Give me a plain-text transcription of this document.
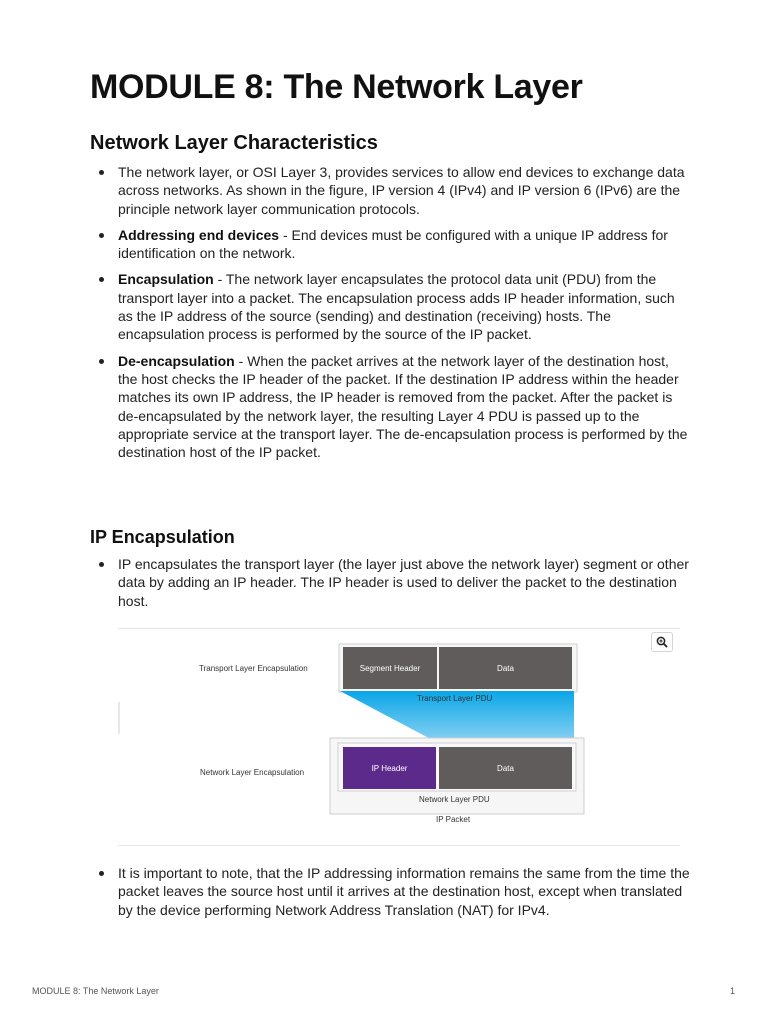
MODULE 8: The Network Layer
Network Layer Characteristics
The network layer, or OSI Layer 3, provides services to allow end devices to exchange data across networks. As shown in the figure, IP version 4 (IPv4) and IP version 6 (IPv6) are the principle network layer communication protocols.
Addressing end devices - End devices must be configured with a unique IP address for identification on the network.
Encapsulation - The network layer encapsulates the protocol data unit (PDU) from the transport layer into a packet. The encapsulation process adds IP header information, such as the IP address of the source (sending) and destination (receiving) hosts. The encapsulation process is performed by the source of the IP packet.
De-encapsulation - When the packet arrives at the network layer of the destination host, the host checks the IP header of the packet. If the destination IP address within the header matches its own IP address, the IP header is removed from the packet. After the packet is de-encapsulated by the network layer, the resulting Layer 4 PDU is passed up to the appropriate service at the transport layer. The de-encapsulation process is performed by the destination host of the IP packet.
IP Encapsulation
IP encapsulates the transport layer (the layer just above the network layer) segment or other data by adding an IP header. The IP header is used to deliver the packet to the destination host.
Transport Layer Encapsulation
Network Layer Encapsulation
Segment Header	Data
Transport Layer PDU
IP Header	Data
Network Layer PDU
IP Packet
It is important to note, that the IP addressing information remains the same from the time the packet leaves the source host until it arrives at the destination host, except when translated by the device performing Network Address Translation (NAT) for IPv4.
MODULE 8: The Network Layer	1
